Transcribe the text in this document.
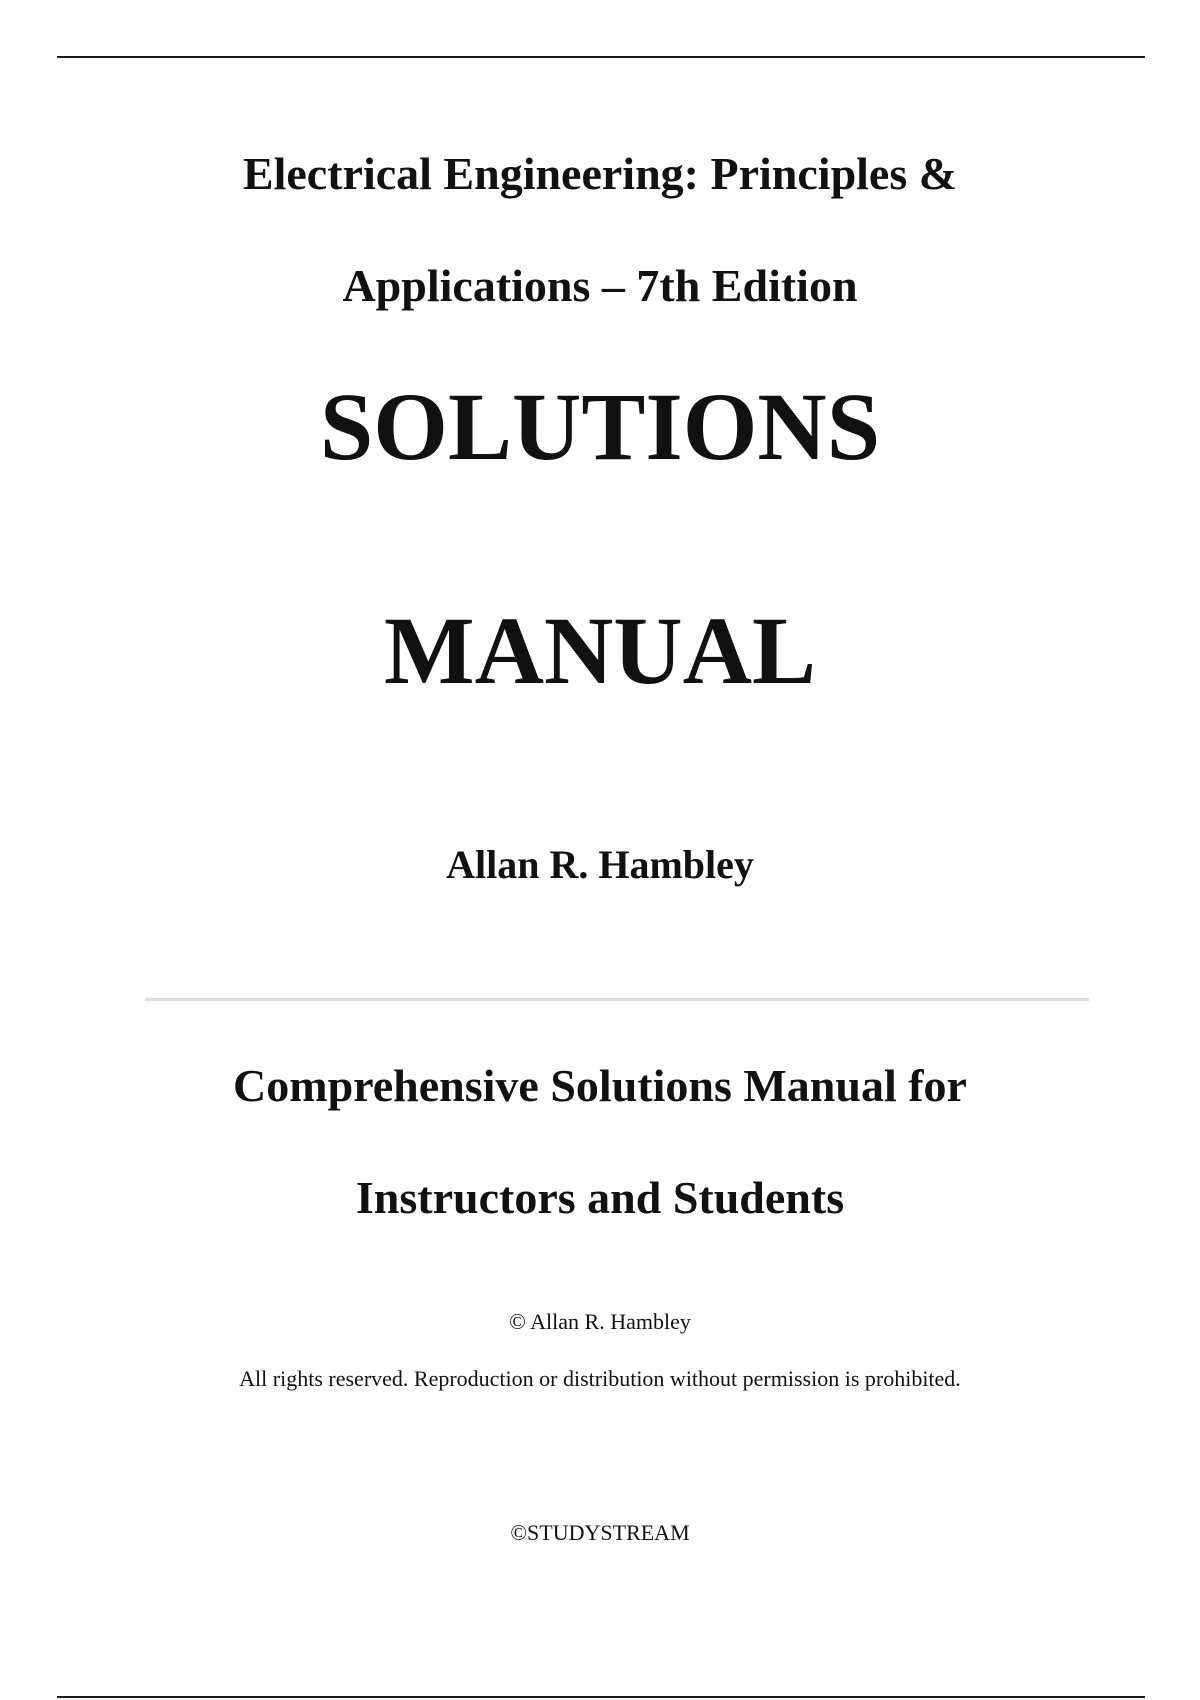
Electrical Engineering: Principles &
Applications – 7th Edition
SOLUTIONS
MANUAL
Allan R. Hambley
Comprehensive Solutions Manual for
Instructors and Students
© Allan R. Hambley
All rights reserved. Reproduction or distribution without permission is prohibited.
©STUDYSTREAM
